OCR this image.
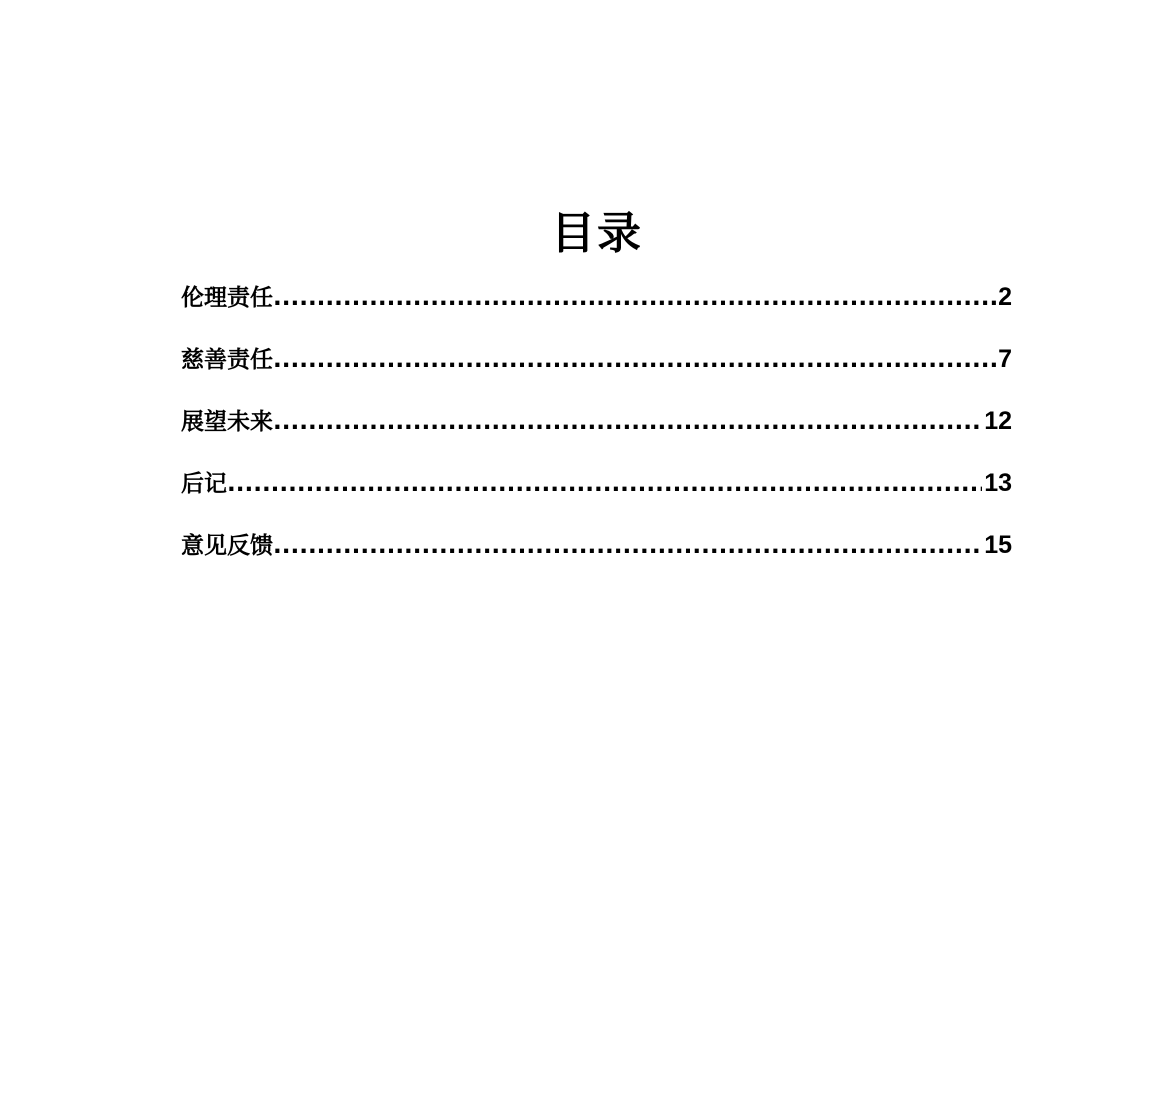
目录
伦理责任 .....	2
慈善责任 .....	7
展望未来 .....	12
后记 .....	13
意见反馈 .....	15
